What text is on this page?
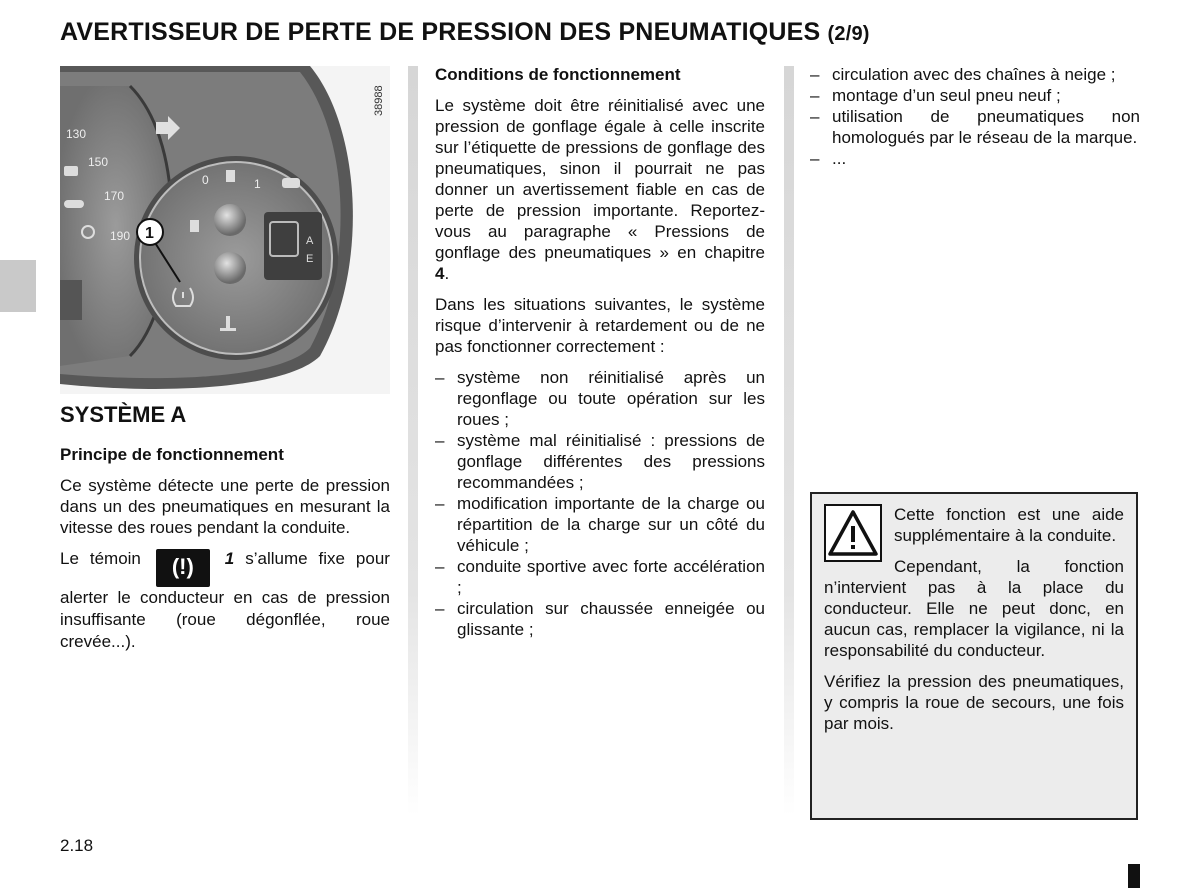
AVERTISSEUR DE PERTE DE PRESSION DES PNEUMATIQUES (2/9)
130
150
170
190
0	1
A
E
1
38988
SYSTÈME A
Principe de fonctionnement

Ce système détecte une perte de pression dans un des pneumatiques en mesurant la vitesse des roues pendant la conduite.

Le témoin (!) 1 s’allume fixe pour alerter le conducteur en cas de pression insuffisante (roue dégonflée, roue crevée...).

Conditions de fonctionnement

Le système doit être réinitialisé avec une pression de gonflage égale à celle inscrite sur l’étiquette de pressions de gonflage des pneumatiques, sinon il pourrait ne pas donner un avertissement fiable en cas de perte de pression importante. Reportez-vous au paragraphe « Pressions de gonflage des pneumatiques » en chapitre 4.

Dans les situations suivantes, le système risque d’intervenir à retardement ou de ne pas fonctionner correctement :

– système non réinitialisé après un regonflage ou toute opération sur les roues ;
– système mal réinitialisé : pressions de gonflage différentes des pressions recommandées ;
– modification importante de la charge ou répartition de la charge sur un côté du véhicule ;
– conduite sportive avec forte accélération ;
– circulation sur chaussée enneigée ou glissante ;
– circulation avec des chaînes à neige ;
– montage d’un seul pneu neuf ;
– utilisation de pneumatiques non homologués par le réseau de la marque.
– ...

Cette fonction est une aide supplémentaire à la conduite.

Cependant, la fonction n’intervient pas à la place du conducteur. Elle ne peut donc, en aucun cas, remplacer la vigilance, ni la responsabilité du conducteur.

Vérifiez la pression des pneumatiques, y compris la roue de secours, une fois par mois.

2.18
